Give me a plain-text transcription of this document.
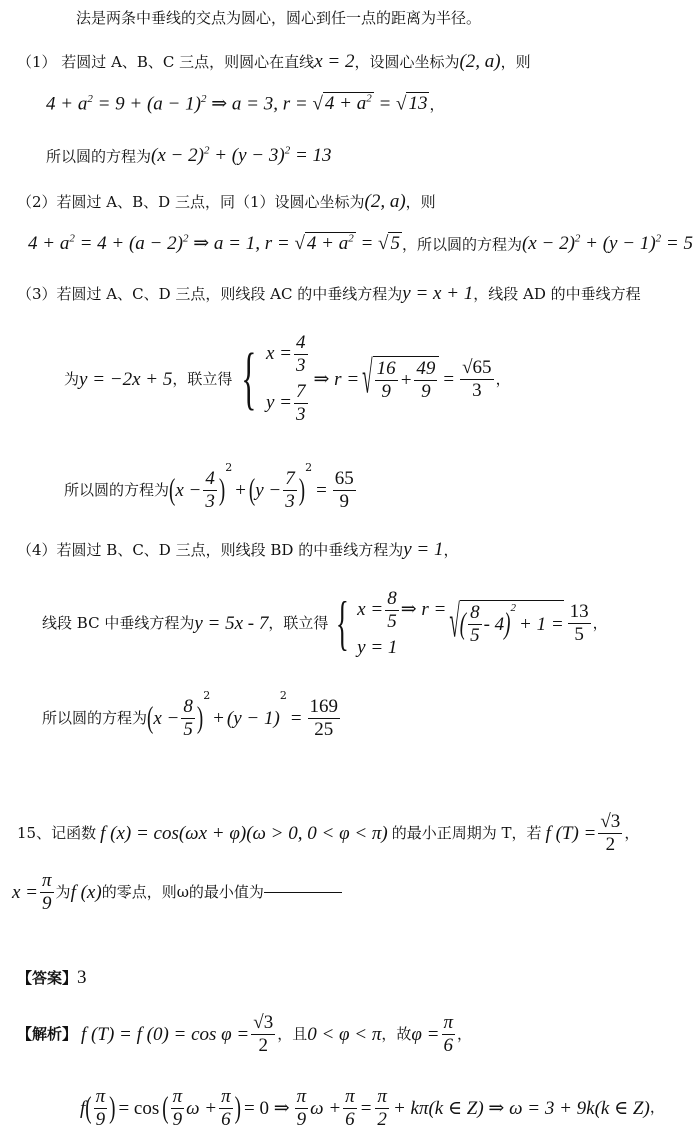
法是两条中垂线的交点为圆心，圆心到任一点的距离为半径。
（1） 若圆过 A、B、C 三点，则圆心在直线x = 2，设圆心坐标为(2, a)，则
$4 + a^2 = 9 + (a - 1)^2$ ⇒ a = 3, r = √ $4 + a^2$ = √ 13 ，
所以圆的方程为$(x - 2)^2 + (y - 3)^2 = 13$
（2）若圆过 A、B、D 三点，同（1）设圆心坐标为(2, a)，则
$4 + a^2 = 4 + (a - 2)^2$ ⇒ a = 1, r = √ $4 + a^2$ = √ 5 ，所以圆的方程为$(x - 2)^2 + (y - 1)^2 = 5$
（3）若圆过 A、C、D 三点，则线段 AC 的中垂线方程为y = x + 1，线段 AD 的中垂线方程
为 y = −2x + 5 ，联立得 { $x = \frac{4}{3}$
$y = \frac{7}{3}$
⇒ r = √ $\frac{16}{9} + \frac{49}{9} = \frac{√65}{3}$ ，
所以圆的方程为 ( $x - \frac{4}{3}$ )
2
+ ( $y - \frac{7}{3}$ )
2
= $\frac{65}{9}$
（4）若圆过 B、C、D 三点，则线段 BD 的中垂线方程为y = 1，
线段 BC 中垂线方程为 y = 5x - 7 ，联立得 { $x = \frac{8}{5}$ ⇒ r =
y = 1	√ ( $\frac{8}{5} - 4$ ) 2
+ $1 = \frac{13}{5}$ ，
所以圆的方程为 ( $x - \frac{8}{5}$ )
2
+ (y − 1)
2
= $\frac{169}{25}$
15、记函数 f (x) = cos(ωx + φ)(ω > 0, 0 < φ < π) 的最小正周期为 T，若 f $(T) = \frac{√3}{2}$ ，
$x = \frac{\pi}{9}$ 为 f (x) 的零点，则ω的最小值为
【答案】3
【解析】 f (T) = f $(0) = \cos \varphi = \frac{√3}{2}$ ，且 0 < φ < π ，故 $\varphi = \frac{\pi}{6}$ ，
f ( $\frac{\pi}{9}$ ) = cos ( $\frac{\pi}{9}$ $\omega + \frac{\pi}{6}$ ) = 0 ⇒ $\frac{\pi}{9}$ $\omega + \frac{\pi}{6} = \frac{\pi}{2} + k\pi(k$ ∈ Z) ⇒ ω = 3 + 9k(k ∈ Z) ，
